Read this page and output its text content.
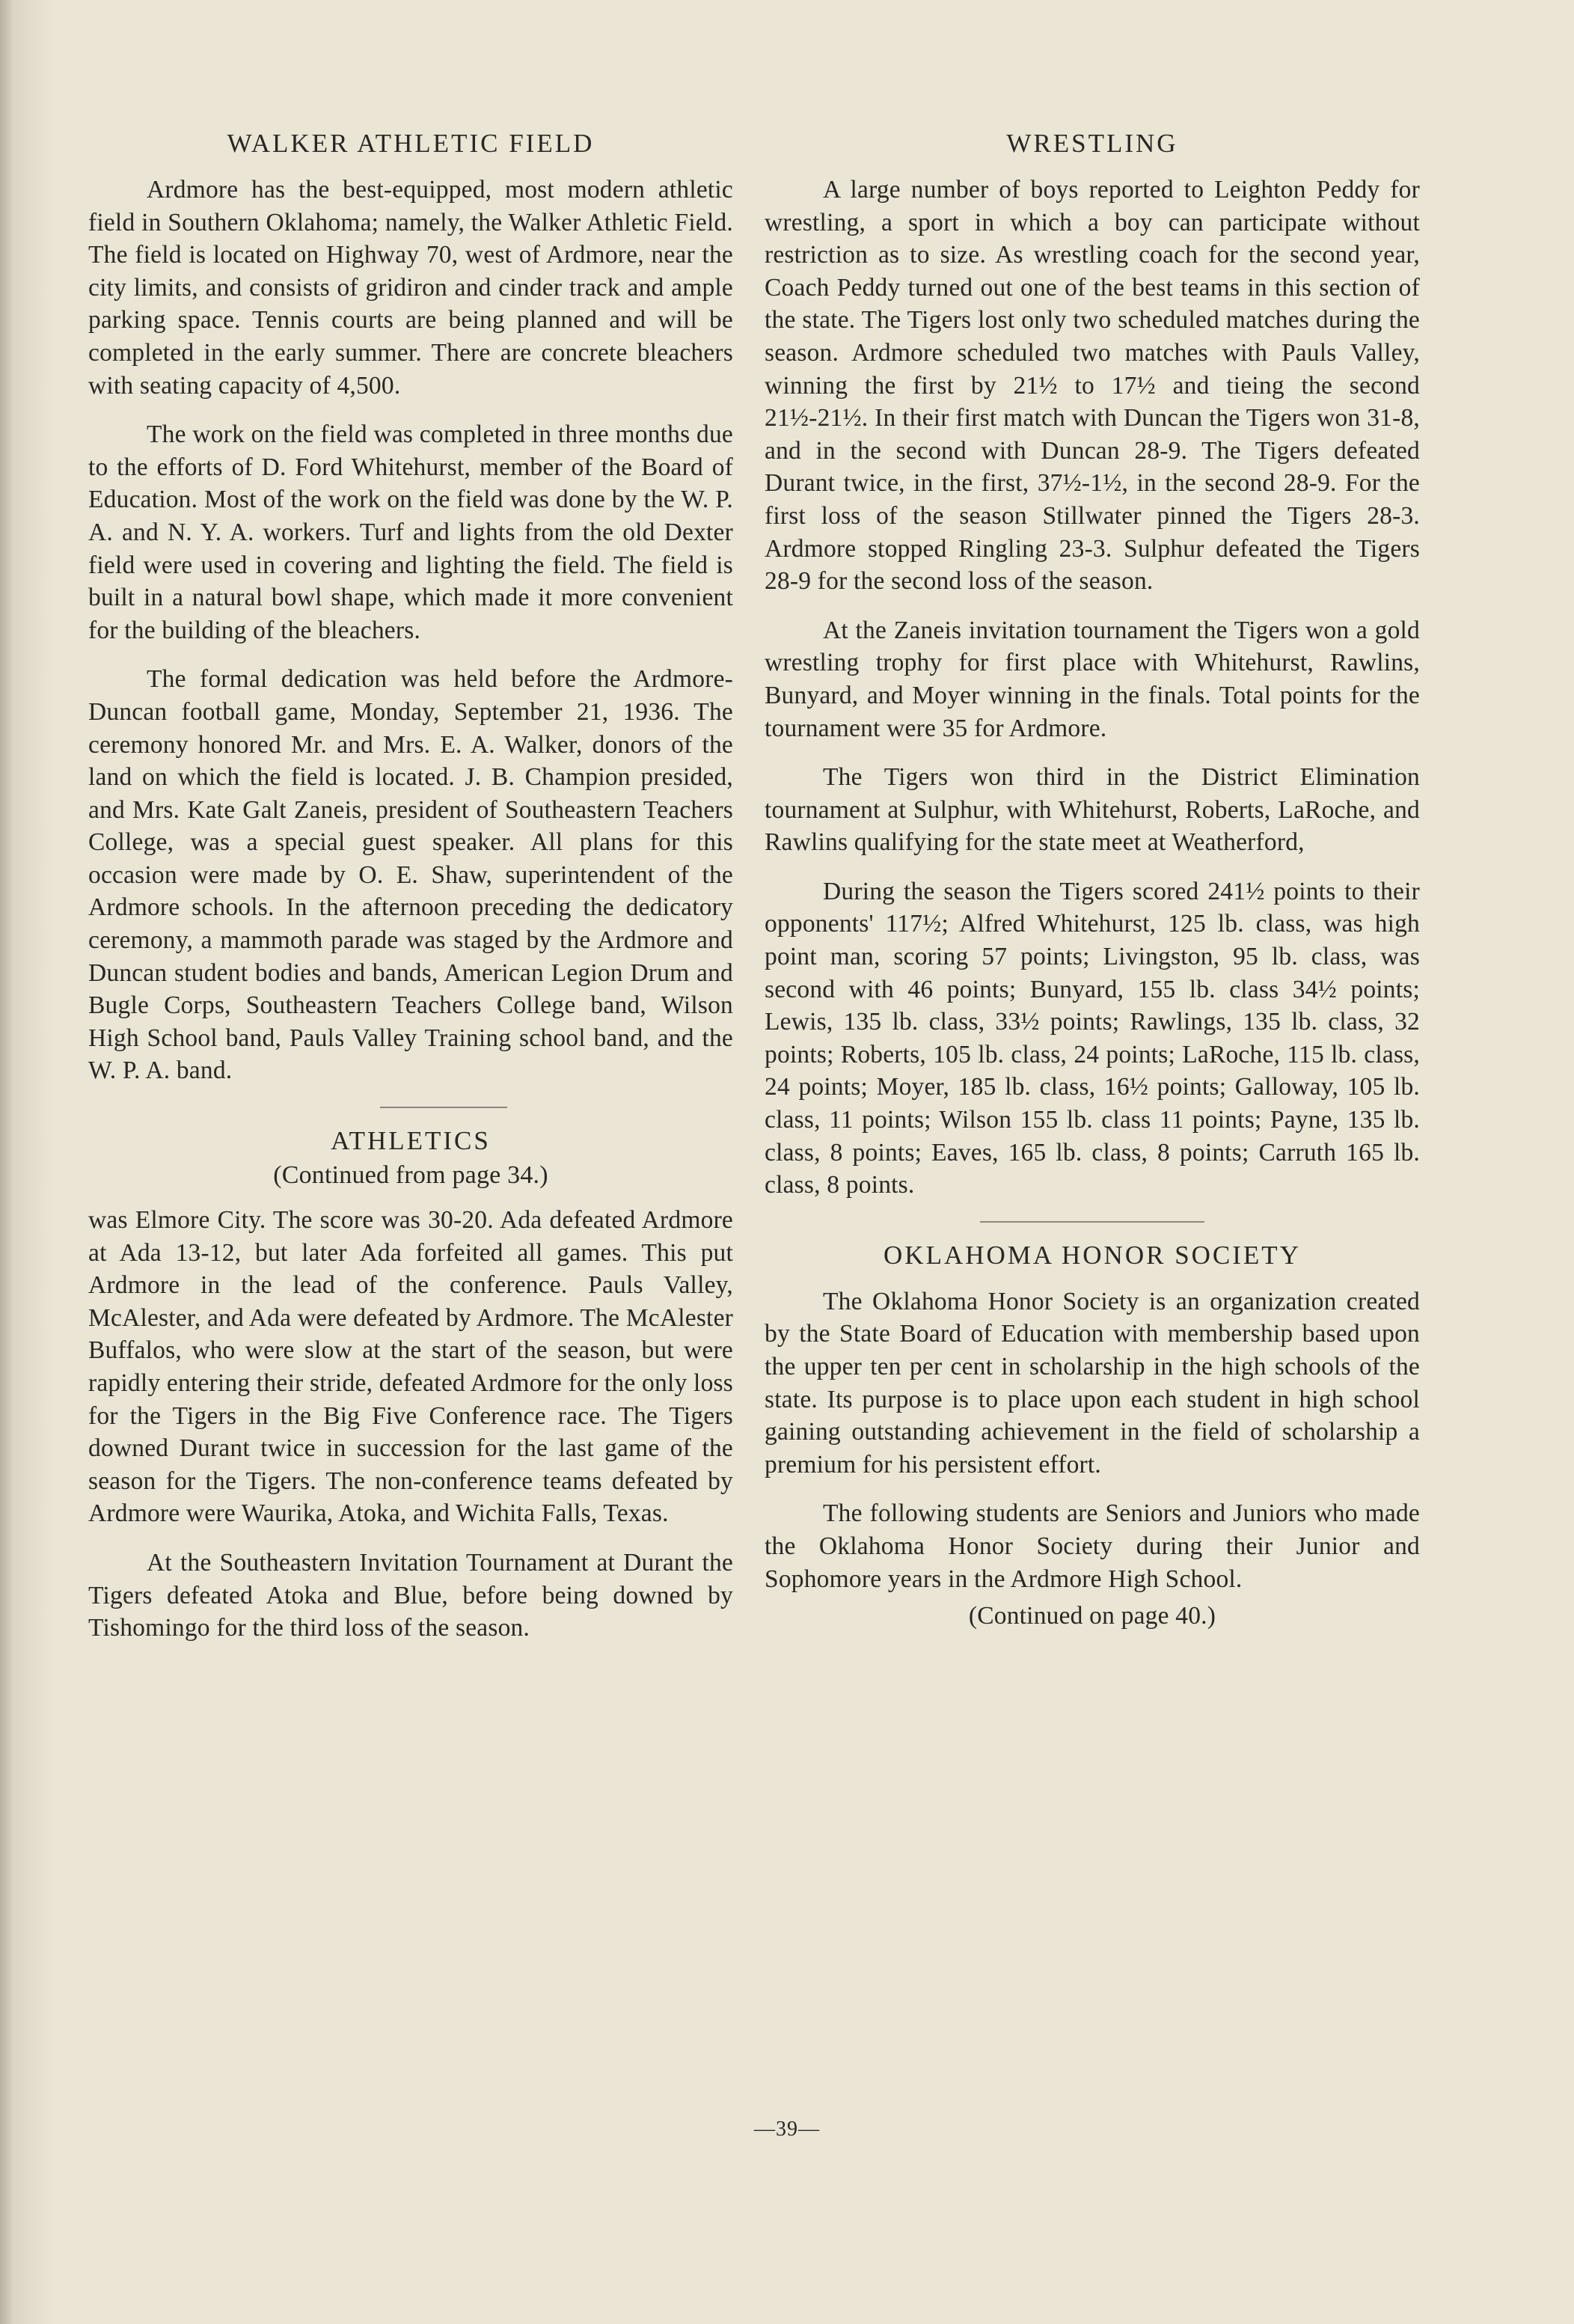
WALKER ATHLETIC FIELD

Ardmore has the best-equipped, most modern athletic field in Southern Oklahoma; namely, the Walker Athletic Field. The field is located on Highway 70, west of Ardmore, near the city limits, and consists of gridiron and cinder track and ample parking space. Tennis courts are being planned and will be completed in the early summer. There are concrete bleachers with seating capacity of 4,500.

The work on the field was completed in three months due to the efforts of D. Ford Whitehurst, member of the Board of Education. Most of the work on the field was done by the W. P. A. and N. Y. A. workers. Turf and lights from the old Dexter field were used in covering and lighting the field. The field is built in a natural bowl shape, which made it more convenient for the building of the bleachers.

The formal dedication was held before the Ardmore-Duncan football game, Monday, September 21, 1936. The ceremony honored Mr. and Mrs. E. A. Walker, donors of the land on which the field is located. J. B. Champion presided, and Mrs. Kate Galt Zaneis, president of Southeastern Teachers College, was a special guest speaker. All plans for this occasion were made by O. E. Shaw, superintendent of the Ardmore schools. In the afternoon preceding the dedicatory ceremony, a mammoth parade was staged by the Ardmore and Duncan student bodies and bands, American Legion Drum and Bugle Corps, Southeastern Teachers College band, Wilson High School band, Pauls Valley Training school band, and the W. P. A. band.

ATHLETICS
(Continued from page 34.)

was Elmore City. The score was 30-20. Ada defeated Ardmore at Ada 13-12, but later Ada forfeited all games. This put Ardmore in the lead of the conference. Pauls Valley, McAlester, and Ada were defeated by Ardmore. The McAlester Buffalos, who were slow at the start of the season, but were rapidly entering their stride, defeated Ardmore for the only loss for the Tigers in the Big Five Conference race. The Tigers downed Durant twice in succession for the last game of the season for the Tigers. The non-conference teams defeated by Ardmore were Waurika, Atoka, and Wichita Falls, Texas.

At the Southeastern Invitation Tournament at Durant the Tigers defeated Atoka and Blue, before being downed by Tishomingo for the third loss of the season.

WRESTLING

A large number of boys reported to Leighton Peddy for wrestling, a sport in which a boy can participate without restriction as to size. As wrestling coach for the second year, Coach Peddy turned out one of the best teams in this section of the state. The Tigers lost only two scheduled matches during the season. Ardmore scheduled two matches with Pauls Valley, winning the first by 21½ to 17½ and tieing the second 21½-21½. In their first match with Duncan the Tigers won 31-8, and in the second with Duncan 28-9. The Tigers defeated Durant twice, in the first, 37½-1½, in the second 28-9. For the first loss of the season Stillwater pinned the Tigers 28-3. Ardmore stopped Ringling 23-3. Sulphur defeated the Tigers 28-9 for the second loss of the season.

At the Zaneis invitation tournament the Tigers won a gold wrestling trophy for first place with Whitehurst, Rawlins, Bunyard, and Moyer winning in the finals. Total points for the tournament were 35 for Ardmore.

The Tigers won third in the District Elimination tournament at Sulphur, with Whitehurst, Roberts, LaRoche, and Rawlins qualifying for the state meet at Weatherford,

During the season the Tigers scored 241½ points to their opponents' 117½; Alfred Whitehurst, 125 lb. class, was high point man, scoring 57 points; Livingston, 95 lb. class, was second with 46 points; Bunyard, 155 lb. class 34½ points; Lewis, 135 lb. class, 33½ points; Rawlings, 135 lb. class, 32 points; Roberts, 105 lb. class, 24 points; LaRoche, 115 lb. class, 24 points; Moyer, 185 lb. class, 16½ points; Galloway, 105 lb. class, 11 points; Wilson 155 lb. class 11 points; Payne, 135 lb. class, 8 points; Eaves, 165 lb. class, 8 points; Carruth 165 lb. class, 8 points.

OKLAHOMA HONOR SOCIETY

The Oklahoma Honor Society is an organization created by the State Board of Education with membership based upon the upper ten per cent in scholarship in the high schools of the state. Its purpose is to place upon each student in high school gaining outstanding achievement in the field of scholarship a premium for his persistent effort.

The following students are Seniors and Juniors who made the Oklahoma Honor Society during their Junior and Sophomore years in the Ardmore High School.

(Continued on page 40.)
—39—
